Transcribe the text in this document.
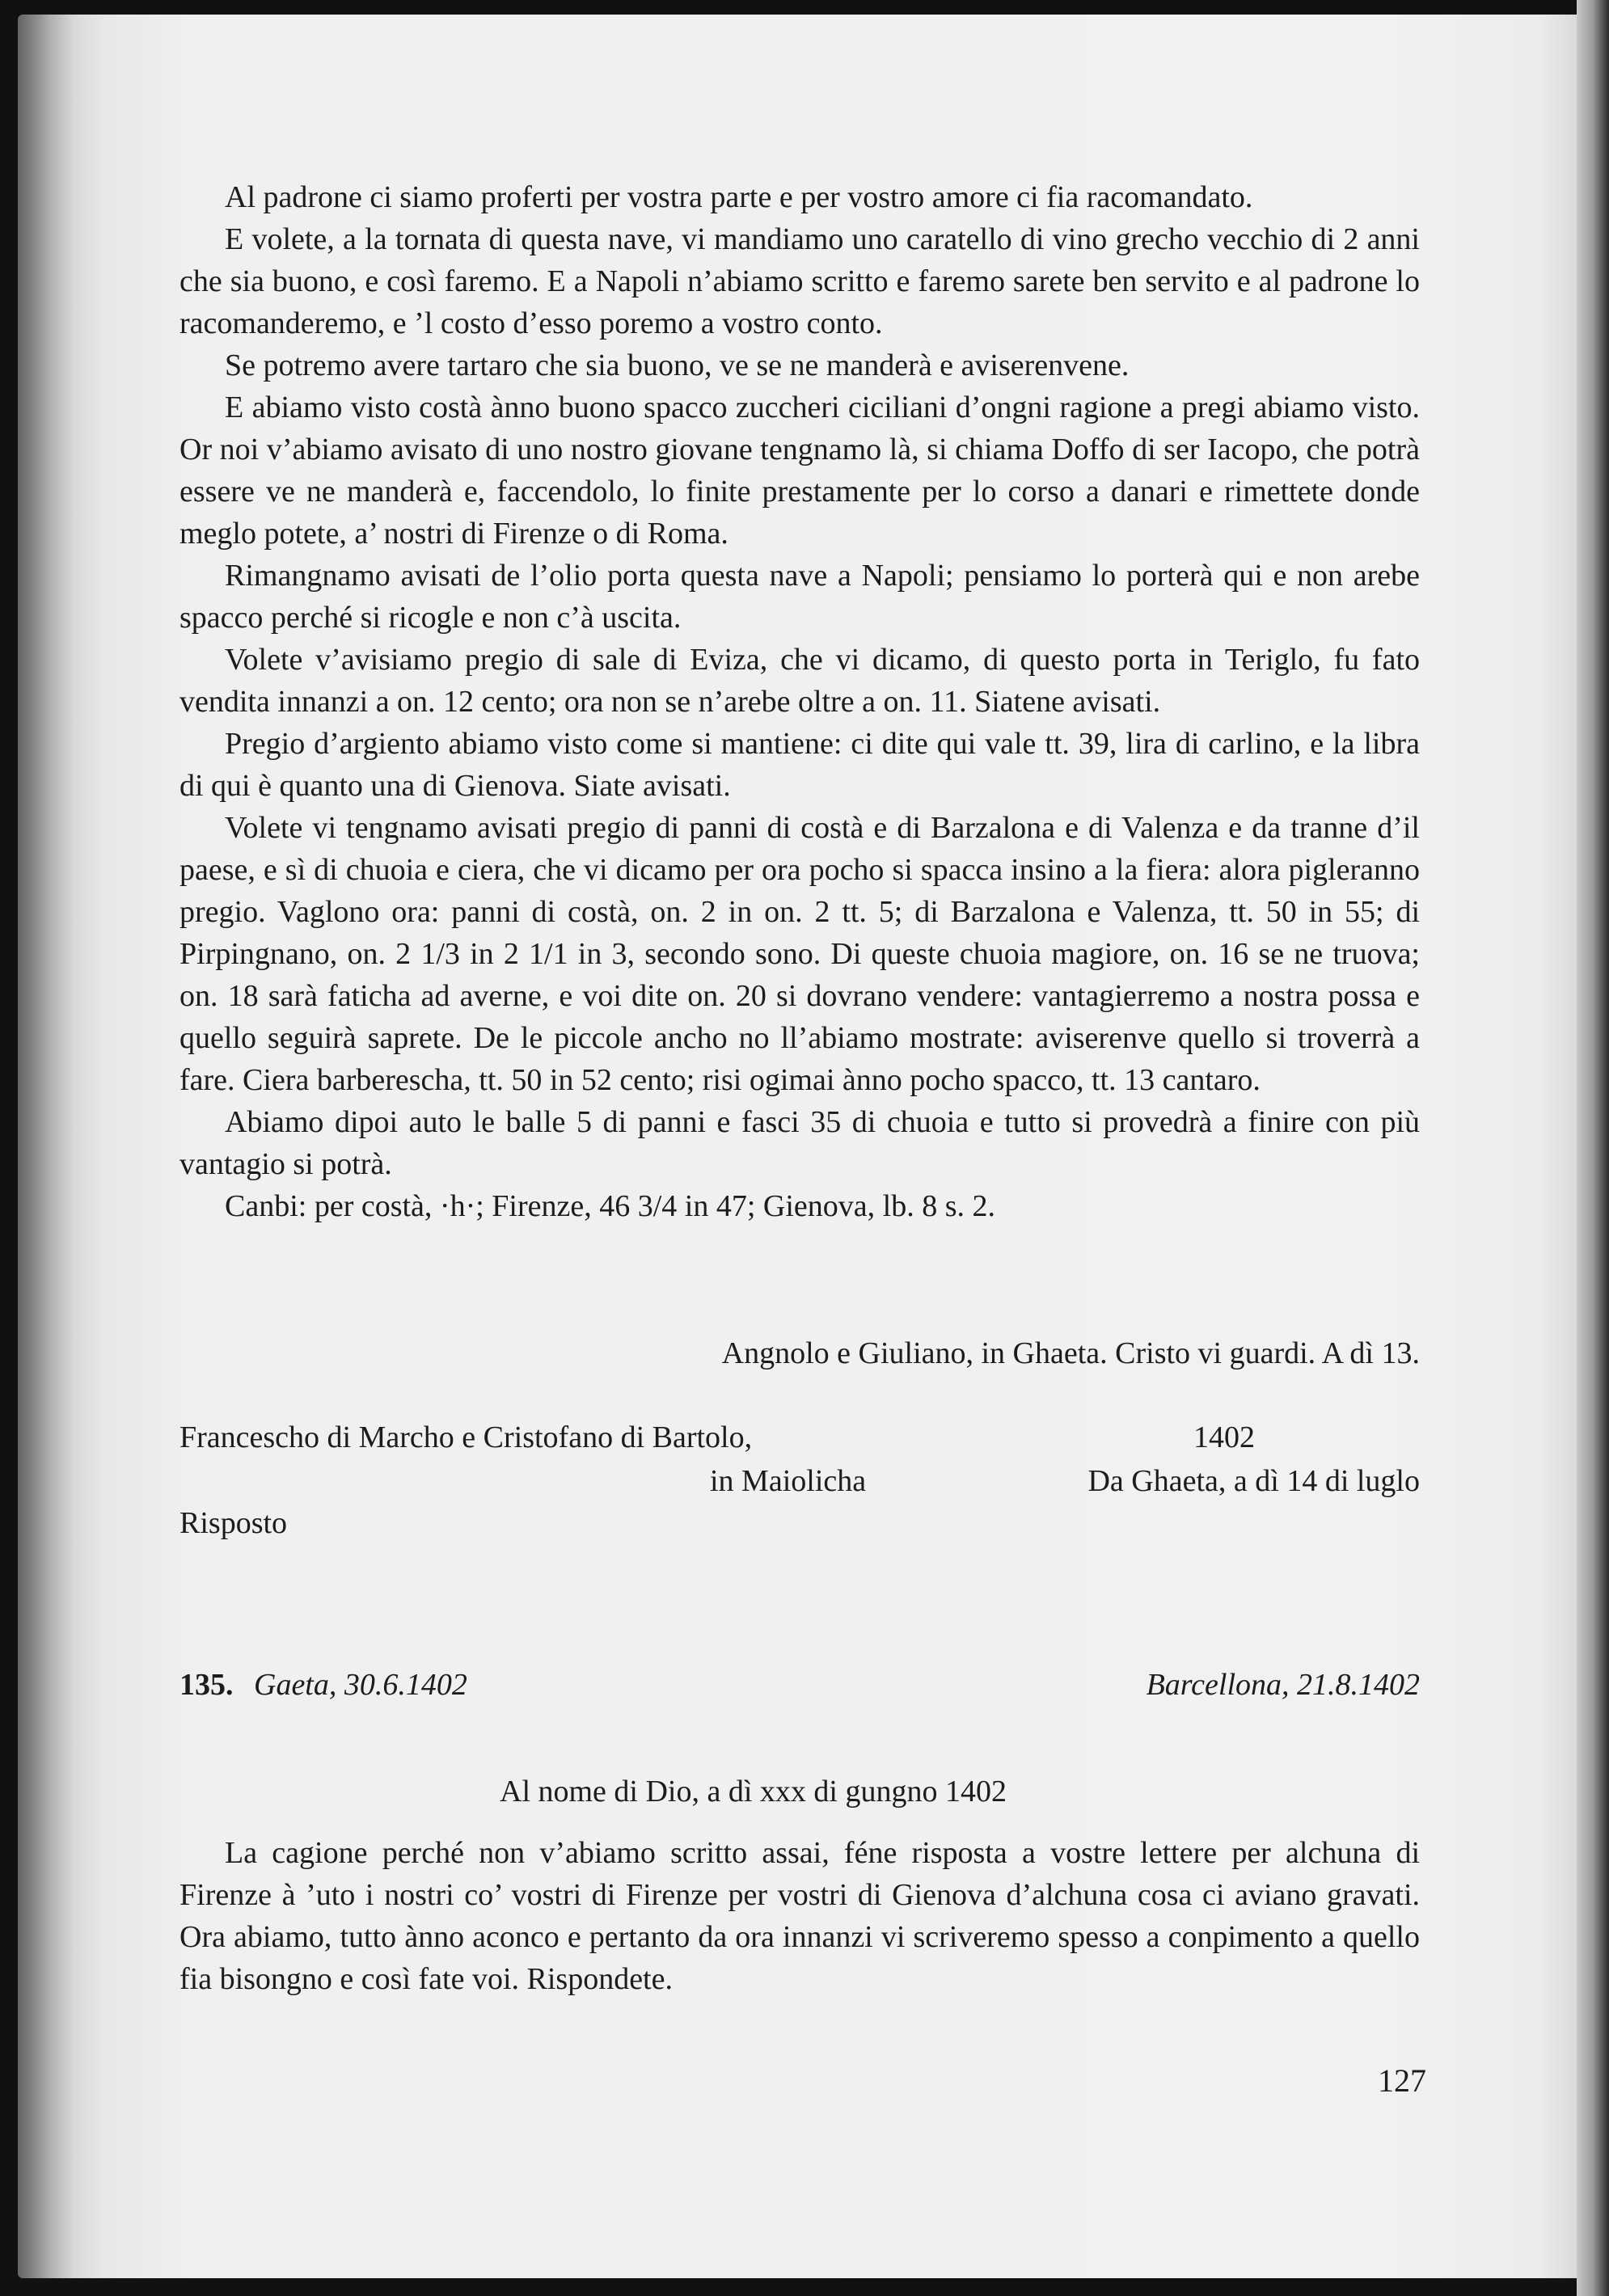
Al padrone ci siamo proferti per vostra parte e per vostro amore ci fia racomandato.

E volete, a la tornata di questa nave, vi mandiamo uno caratello di vino grecho vecchio di 2 anni che sia buono, e così faremo. E a Napoli n’abiamo scritto e faremo sarete ben servito e al padrone lo racomanderemo, e ’l costo d’esso poremo a vostro conto.

Se potremo avere tartaro che sia buono, ve se ne manderà e aviserenvene.

E abiamo visto costà ànno buono spacco zuccheri ciciliani d’ongni ragione a pregi abiamo visto. Or noi v’abiamo avisato di uno nostro giovane tengnamo là, si chiama Doffo di ser Iacopo, che potrà essere ve ne manderà e, faccendolo, lo finite prestamente per lo corso a danari e rimettete donde meglo potete, a’ nostri di Firenze o di Roma.

Rimangnamo avisati de l’olio porta questa nave a Napoli; pensiamo lo porterà qui e non arebe spacco perché si ricogle e non c’à uscita.

Volete v’avisiamo pregio di sale di Eviza, che vi dicamo, di questo porta in Teriglo, fu fato vendita innanzi a on. 12 cento; ora non se n’arebe oltre a on. 11. Siatene avisati.

Pregio d’argiento abiamo visto come si mantiene: ci dite qui vale tt. 39, lira di carlino, e la libra di qui è quanto una di Gienova. Siate avisati.

Volete vi tengnamo avisati pregio di panni di costà e di Barzalona e di Valenza e da tranne d’il paese, e sì di chuoia e ciera, che vi dicamo per ora pocho si spacca insino a la fiera: alora pigleranno pregio. Vaglono ora: panni di costà, on. 2 in on. 2 tt. 5; di Barzalona e Valenza, tt. 50 in 55; di Pirpingnano, on. 2 1/3 in 2 1/1 in 3, secondo sono. Di queste chuoia magiore, on. 16 se ne truova; on. 18 sarà faticha ad averne, e voi dite on. 20 si dovrano vendere: vantagierremo a nostra possa e quello seguirà saprete. De le piccole ancho no ll’abiamo mostrate: aviserenve quello si troverrà a fare. Ciera barberescha, tt. 50 in 52 cento; risi ogimai ànno pocho spacco, tt. 13 cantaro.

Abiamo dipoi auto le balle 5 di panni e fasci 35 di chuoia e tutto si provedrà a finire con più vantagio si potrà.

Canbi: per costà, ·h·; Firenze, 46 3/4 in 47; Gienova, lb. 8 s. 2.

Angnolo e Giuliano, in Ghaeta. Cristo vi guardi. A dì 13.

Francescho di Marcho e Cristofano di Bartolo,	1402

in Maiolicha	Da Ghaeta, a dì 14 di luglo

Risposto

135. Gaeta, 30.6.1402	Barcellona, 21.8.1402

Al nome di Dio, a dì xxx di gungno 1402

La cagione perché non v’abiamo scritto assai, féne risposta a vostre lettere per alchuna di Firenze à ’uto i nostri co’ vostri di Firenze per vostri di Gienova d’alchuna cosa ci aviano gravati. Ora abiamo, tutto ànno aconco e pertanto da ora innanzi vi scriveremo spesso a conpimento a quello fia bisongno e così fate voi. Rispondete.

127
